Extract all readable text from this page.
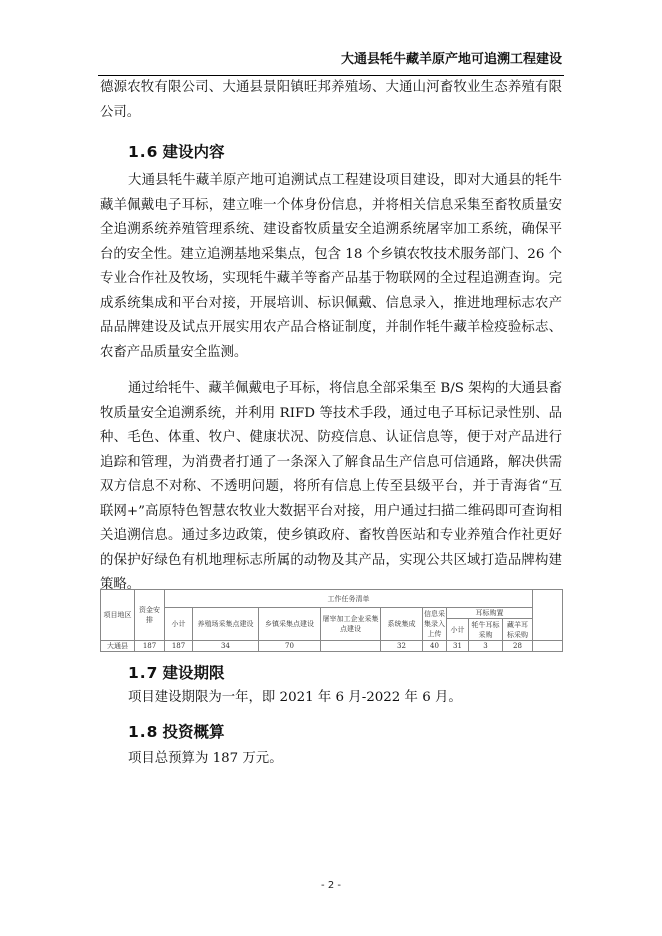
大通县牦牛藏羊原产地可追溯工程建设

德源农牧有限公司、大通县景阳镇旺邦养殖场、大通山河畜牧业生态养殖有限公司。

1.6 建设内容

大通县牦牛藏羊原产地可追溯试点工程建设项目建设，即对大通县的牦牛藏羊佩戴电子耳标，建立唯一个体身份信息，并将相关信息采集至畜牧质量安全追溯系统养殖管理系统、建设畜牧质量安全追溯系统屠宰加工系统，确保平台的安全性。建立追溯基地采集点，包含 18 个乡镇农牧技术服务部门、26 个专业合作社及牧场，实现牦牛藏羊等畜产品基于物联网的全过程追溯查询。完成系统集成和平台对接，开展培训、标识佩戴、信息录入，推进地理标志农产品品牌建设及试点开展实用农产品合格证制度，并制作牦牛藏羊检疫验标志、农畜产品质量安全监测。

通过给牦牛、藏羊佩戴电子耳标，将信息全部采集至 B/S 架构的大通县畜牧质量安全追溯系统，并利用 RIFD 等技术手段，通过电子耳标记录性别、品种、毛色、体重、牧户、健康状况、防疫信息、认证信息等，便于对产品进行追踪和管理，为消费者打通了一条深入了解食品生产信息可信通路，解决供需双方信息不对称、不透明问题，将所有信息上传至县级平台，并于青海省“互联网+”高原特色智慧农牧业大数据平台对接，用户通过扫描二维码即可查询相关追溯信息。通过多边政策，使乡镇政府、畜牧兽医站和专业养殖合作社更好的保护好绿色有机地理标志所属的动物及其产品，实现公共区域打造品牌构建策略。

项目地区	资金安排	工作任务清单									
		小计	养殖场采集点建设	乡镇采集点建设	屠宰加工企业采集点建设	系统集成	信息采集录入上传	耳标购置			
								小计	牦牛耳标采购	藏羊耳标采购	
大通县	187	187	34	70		32	40	31	3	28	
1.7 建设期限

项目建设期限为一年，即 2021 年 6 月-2022 年 6 月。

1.8 投资概算

项目总预算为 187 万元。

- 2 -
